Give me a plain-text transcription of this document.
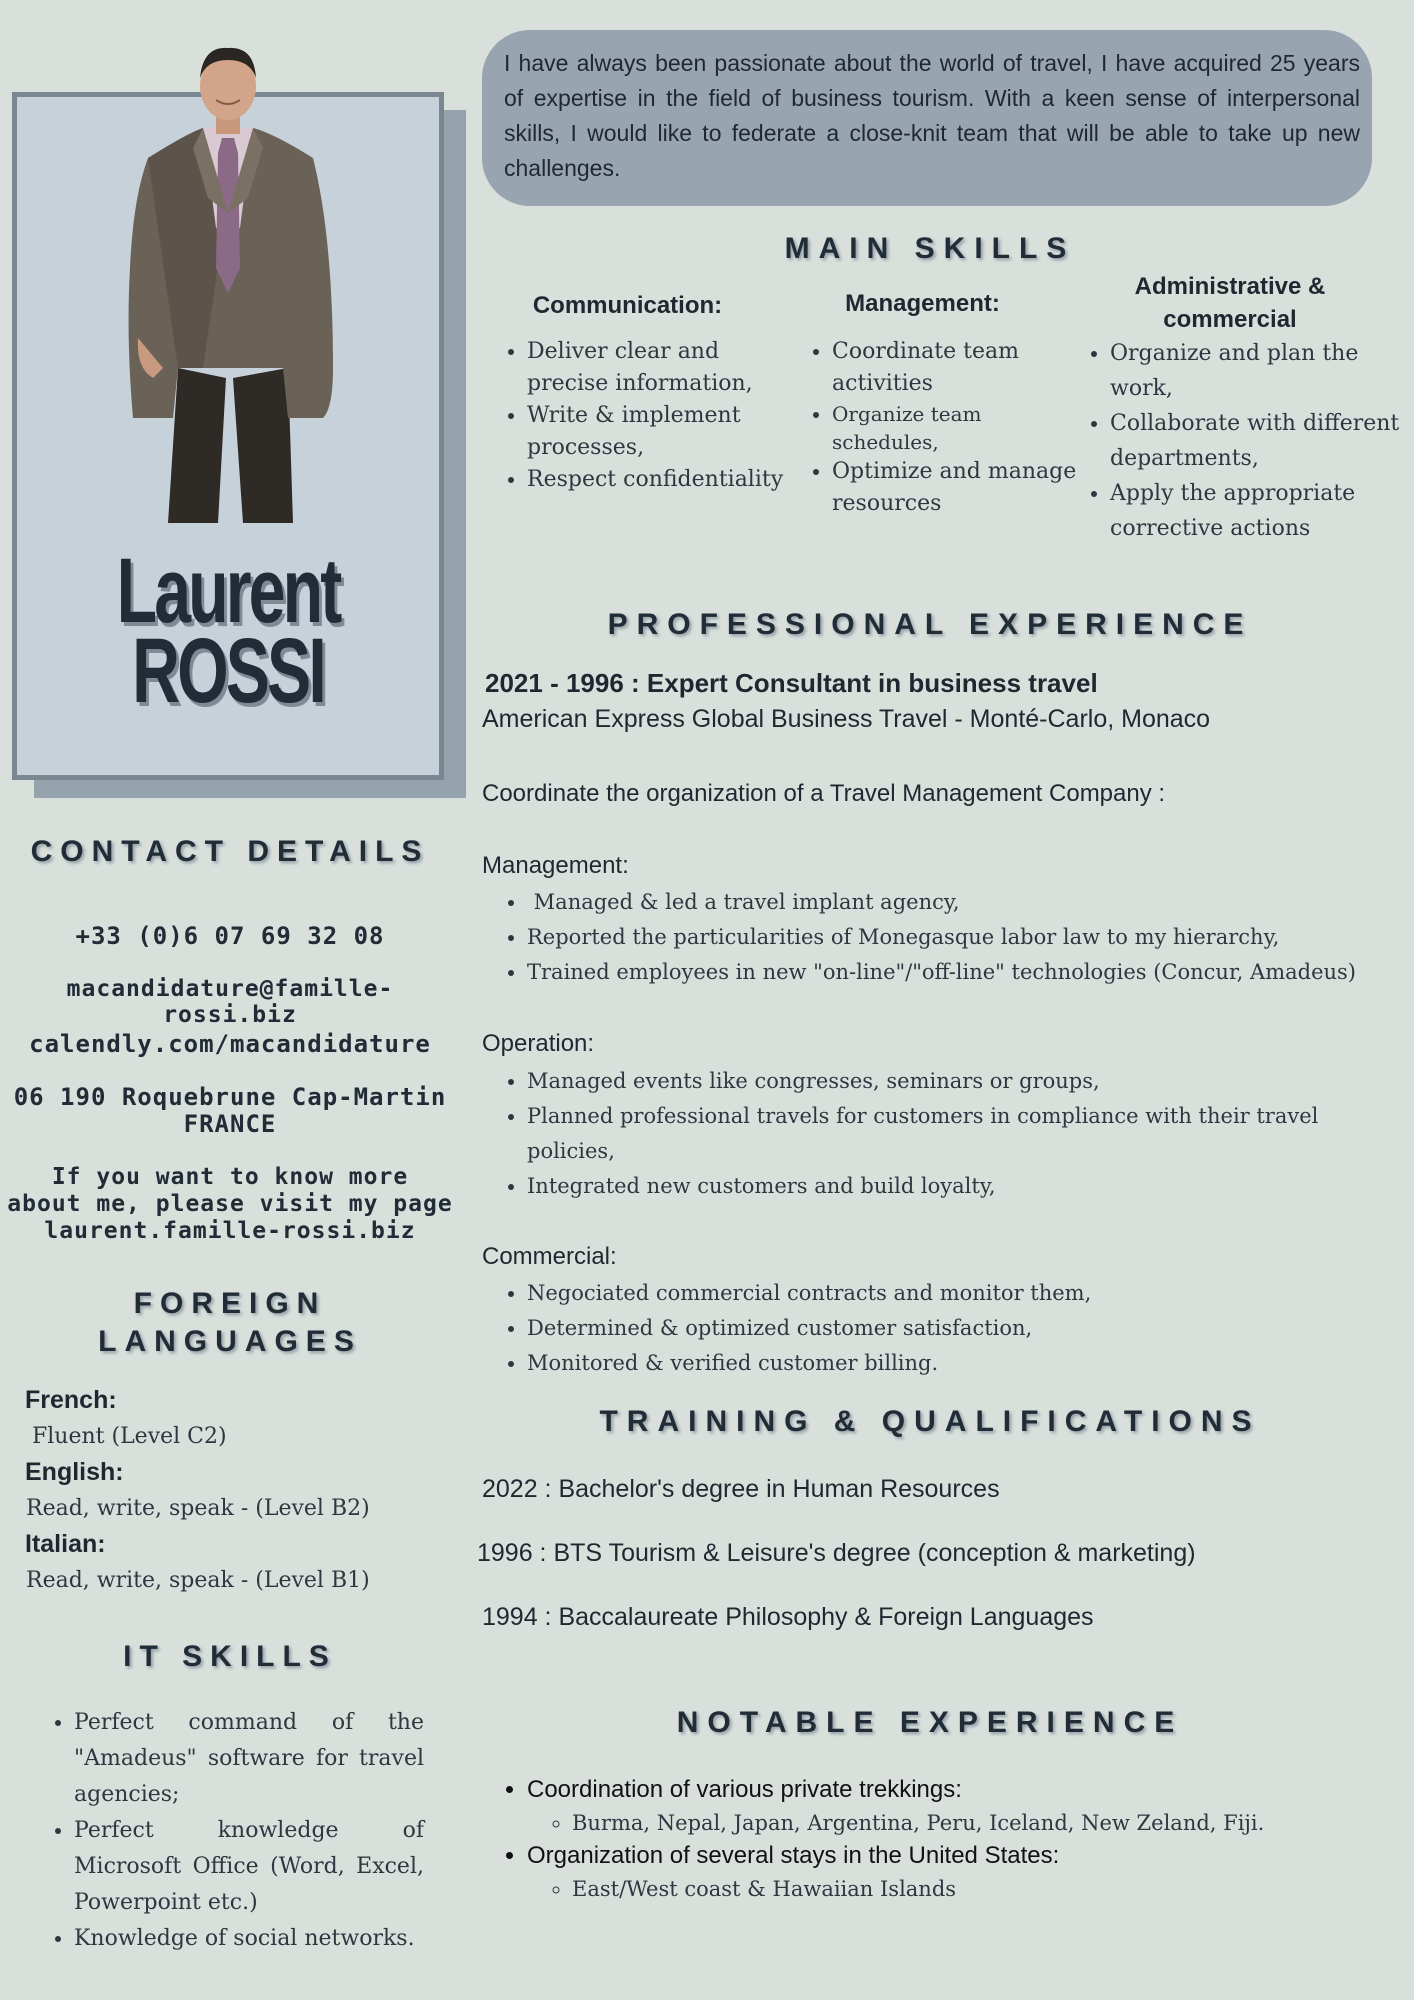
Laurent
ROSSI
CONTACT DETAILS
+33 (0)6 07 69 32 08
macandidature@famille-rossi.biz
calendly.com/macandidature
06 190 Roquebrune Cap-Martin
FRANCE
If you want to know more
about me, please visit my page
laurent.famille-rossi.biz
FOREIGN
LANGUAGES
French:
Fluent (Level C2)
English:
Read, write, speak - (Level B2)
Italian:
Read, write, speak - (Level B1)
IT SKILLS
• Perfect command of the "Amadeus" software for travel agencies;
• Perfect knowledge of Microsoft Office (Word, Excel, Powerpoint etc.)
• Knowledge of social networks.
I have always been passionate about the world of travel, I have acquired 25 years of expertise in the field of business tourism. With a keen sense of interpersonal skills, I would like to federate a close-knit team that will be able to take up new challenges.
MAIN SKILLS
Communication:
• Deliver clear and precise information,
• Write & implement processes,
• Respect confidentiality
Management:
• Coordinate team activities
• Organize team schedules,
• Optimize and manage resources
Administrative &
commercial
• Organize and plan the work,
• Collaborate with different departments,
• Apply the appropriate corrective actions
PROFESSIONAL EXPERIENCE
2021 - 1996 : Expert Consultant in business travel
American Express Global Business Travel - Monté-Carlo, Monaco
Coordinate the organization of a Travel Management Company :
Management:
•  Managed & led a travel implant agency,
• Reported the particularities of Monegasque labor law to my hierarchy,
• Trained employees in new "on-line"/"off-line" technologies (Concur, Amadeus)
Operation:
• Managed events like congresses, seminars or groups,
• Planned professional travels for customers in compliance with their travel policies,
• Integrated new customers and build loyalty,
Commercial:
• Negociated commercial contracts and monitor them,
• Determined & optimized customer satisfaction,
• Monitored & verified customer billing.
TRAINING & QUALIFICATIONS
2022 : Bachelor's degree in Human Resources
1996 : BTS Tourism & Leisure's degree (conception & marketing)
1994 : Baccalaureate Philosophy & Foreign Languages
NOTABLE EXPERIENCE
• Coordination of various private trekkings:
◦ Burma, Nepal, Japan, Argentina, Peru, Iceland, New Zeland, Fiji.
• Organization of several stays in the United States:
◦ East/West coast & Hawaiian Islands
